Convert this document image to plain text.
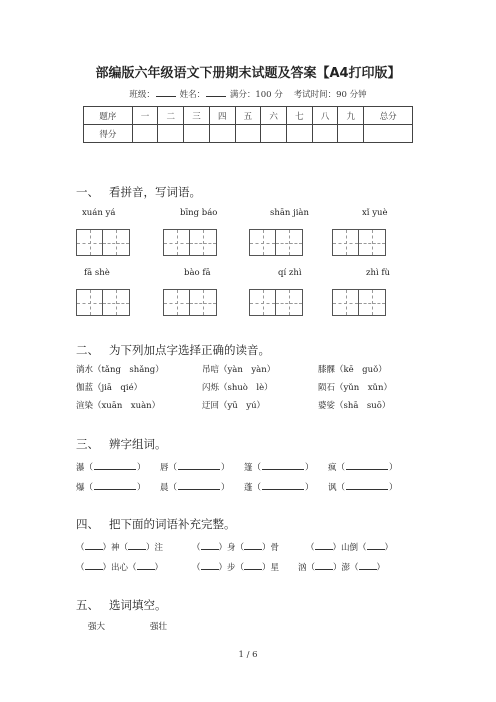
部编版六年级语文下册期末试题及答案【A4打印版】
班级：	姓名：	满分：100 分 考试时间：90 分钟
题序	一	二	三	四	五	六	七	八	九	总分
得分										
一、 看拼音，写词语。
xuán yá	bīng báo	shān jiàn	xǐ yuè
fā shè	bào fā	qí zhì	zhì fù
二、 为下列加点字选择正确的读音。
淌水（tǎng　shǎng）	吊唁（yàn　yàn）	膝髁（kē　guǒ）
伽蓝（jiā　qié）	闪烁（shuò　lè）	陨石（yǔn　xǔn）
渲染（xuān　xuàn）	迂回（yū　yú）	婆娑（shā　suō）
三、 辨字组词。
瀑（	） 唇（	） 篷（	） 疯（	）
爆（	） 晨（	） 蓬（	） 讽（	）
四、 把下面的词语补充完整。
（ ）神（ ）注	（ ）身（ ）骨	（ ）山倒（ ）
（ ）出心（ ）	（ ）步（ ）星 汹（ ）澎（ ）
五、 选词填空。
强大	强壮
1 / 6
